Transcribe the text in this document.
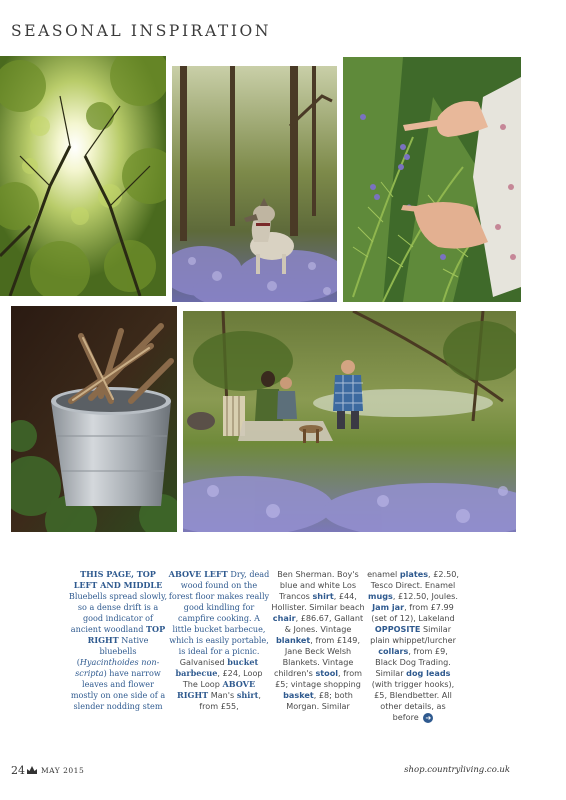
SEASONAL INSPIRATION

THIS PAGE, TOP LEFT AND MIDDLE Bluebells spread slowly, so a dense drift is a good indicator of ancient woodland TOP RIGHT Native bluebells (Hyacinthoides non-scripta) have narrow leaves and flower mostly on one side of a slender nodding stem

ABOVE LEFT Dry, dead wood found on the forest floor makes really good kindling for campfire cooking. A little bucket barbecue, which is easily portable, is ideal for a picnic. Galvanised bucket barbecue, £24, Loop The Loop ABOVE RIGHT Man's shirt, from £55,

Ben Sherman. Boy's blue and white Los Trancos shirt, £44, Hollister. Similar beach chair, £86.67, Gallant & Jones. Vintage blanket, from £149, Jane Beck Welsh Blankets. Vintage children's stool, from £5; vintage shopping basket, £8; both Morgan. Similar

enamel plates, £2.50, Tesco Direct. Enamel mugs, £12.50, Joules. Jam jar, from £7.99 (set of 12), Lakeland OPPOSITE Similar plain whippet/lurcher collars, from £9, Black Dog Trading. Similar dog leads (with trigger hooks), £5, Blendbetter. All other details, as before ➜

24 MAY 2015	shop.countryliving.co.uk
